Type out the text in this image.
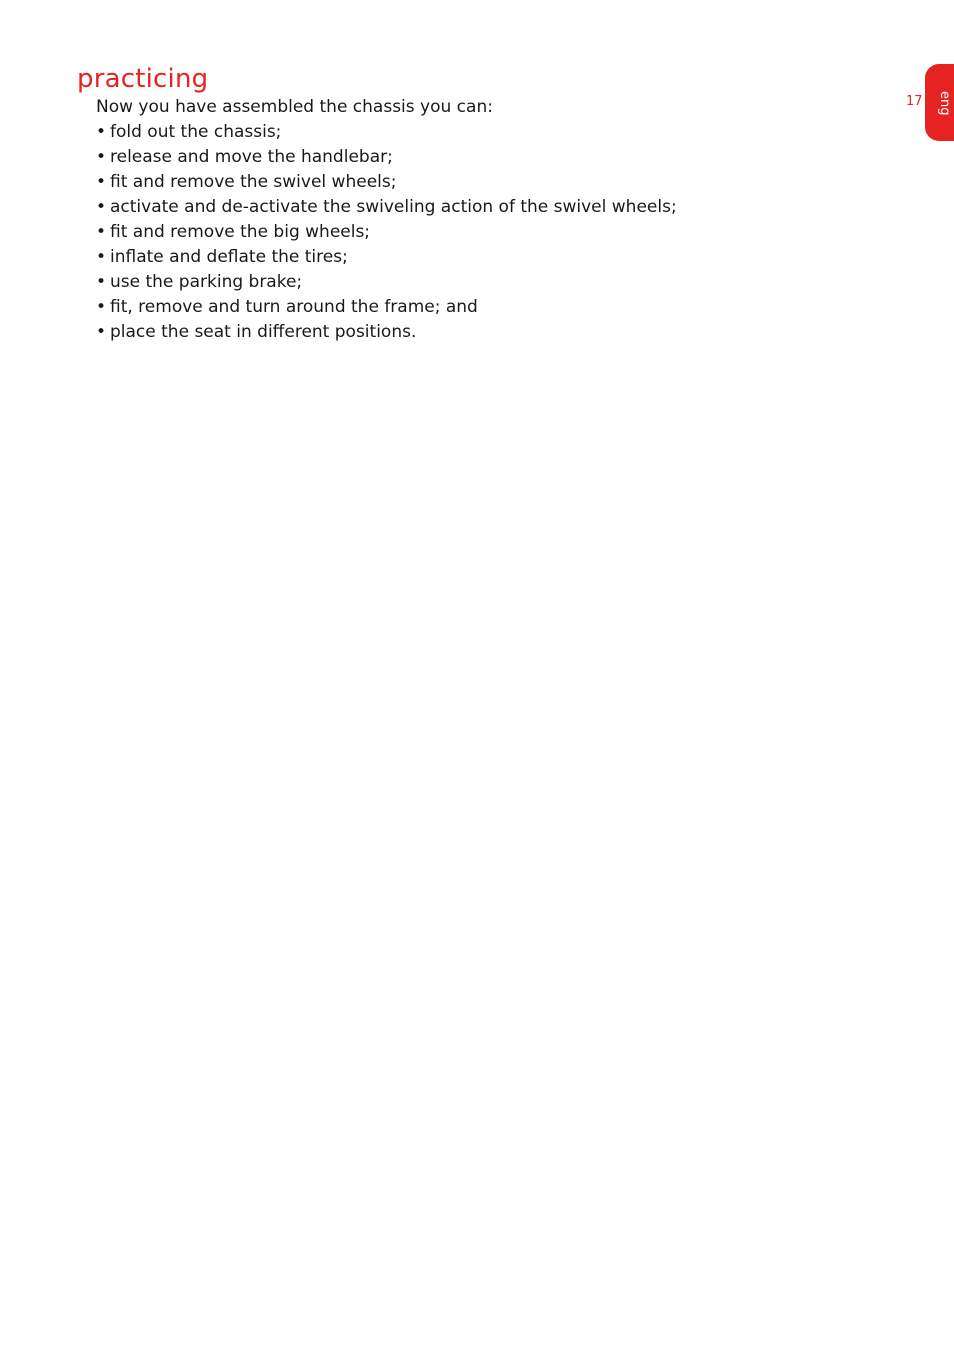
practicing

Now you have assembled the chassis you can:

• fold out the chassis;
• release and move the handlebar;
• fit and remove the swivel wheels;
• activate and de-activate the swiveling action of the swivel wheels;
• fit and remove the big wheels;
• inflate and deflate the tires;
• use the parking brake;
• fit, remove and turn around the frame; and
• place the seat in different positions.
17	eng
